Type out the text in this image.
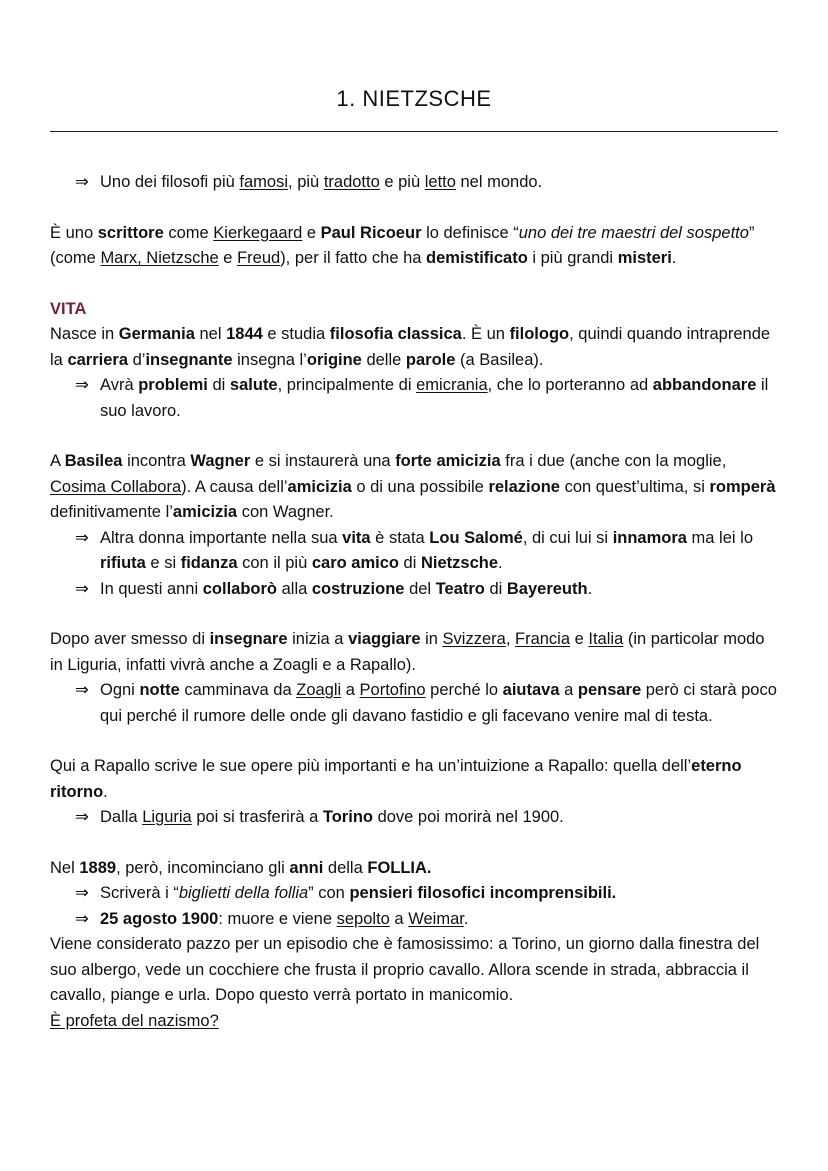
1. NIETZSCHE
⇒ Uno dei filosofi più famosi, più tradotto e più letto nel mondo.

È uno scrittore come Kierkegaard e Paul Ricoeur lo definisce “uno dei tre maestri del sospetto” (come Marx, Nietzsche e Freud), per il fatto che ha demistificato i più grandi misteri.

VITA

Nasce in Germania nel 1844 e studia filosofia classica. È un filologo, quindi quando intraprende la carriera d’insegnante insegna l’origine delle parole (a Basilea).

⇒ Avrà problemi di salute, principalmente di emicrania, che lo porteranno ad abbandonare il suo lavoro.

A Basilea incontra Wagner e si instaurerà una forte amicizia fra i due (anche con la moglie, Cosima Collabora). A causa dell’amicizia o di una possibile relazione con quest’ultima, si romperà definitivamente l’amicizia con Wagner.

⇒ Altra donna importante nella sua vita è stata Lou Salomé, di cui lui si innamora ma lei lo rifiuta e si fidanza con il più caro amico di Nietzsche.
⇒ In questi anni collaborò alla costruzione del Teatro di Bayereuth.

Dopo aver smesso di insegnare inizia a viaggiare in Svizzera, Francia e Italia (in particolar modo in Liguria, infatti vivrà anche a Zoagli e a Rapallo).

⇒ Ogni notte camminava da Zoagli a Portofino perché lo aiutava a pensare però ci starà poco qui perché il rumore delle onde gli davano fastidio e gli facevano venire mal di testa.

Qui a Rapallo scrive le sue opere più importanti e ha un’intuizione a Rapallo: quella dell’eterno ritorno.

⇒ Dalla Liguria poi si trasferirà a Torino dove poi morirà nel 1900.

Nel 1889, però, incominciano gli anni della FOLLIA.

⇒ Scriverà i “biglietti della follia” con pensieri filosofici incomprensibili.
⇒ 25 agosto 1900: muore e viene sepolto a Weimar.

Viene considerato pazzo per un episodio che è famosissimo: a Torino, un giorno dalla finestra del suo albergo, vede un cocchiere che frusta il proprio cavallo. Allora scende in strada, abbraccia il cavallo, piange e urla. Dopo questo verrà portato in manicomio.

È profeta del nazismo?
